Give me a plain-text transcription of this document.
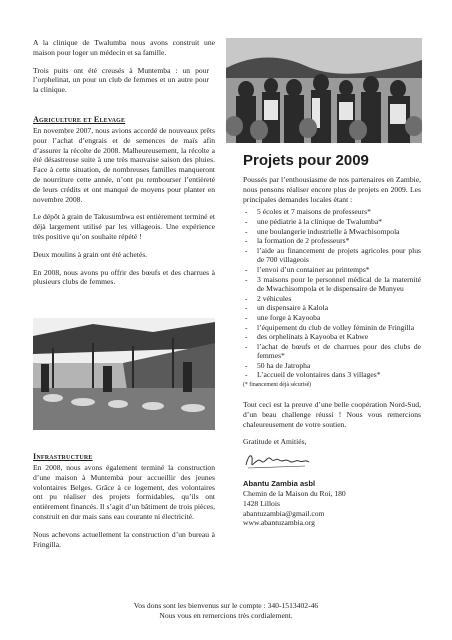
A la clinique de Twalumba nous avons construit une maison pour loger un médecin et sa famille.

Trois puits ont été creusés à Muntemba : un pour l’orphelinat, un pour un club de femmes et un autre pour la clinique.

Agriculture et Elevage

En novembre 2007, nous avions accordé de nouveaux prêts pour l’achat d’engrais et de semences de maïs afin d’assurer la récolte de 2008. Malheureusement, la récolte a été désastreuse suite à une très mauvaise saison des pluies. Face à cette situation, de nombreuses familles manqueront de nourriture cette année, n’ont pu rembourser l’entièreté de leurs crédits et ont manqué de moyens pour planter en novembre 2008.

Le dépôt à grain de Takusumbwa est entièrement terminé et déjà largement utilisé par les villageois. Une expérience très positive qu’on souhaite répété !

Deux moulins à grain ont été achetés.

En 2008, nous avons pu offrir des bœufs et des charrues à plusieurs clubs de femmes.

Infrastructure

En 2008, nous avons également terminé la construction d’une maison à Muntemba pour accueillir des jeunes volontaires Belges. Grâce à ce logement, des volontaires ont pu réaliser des projets formidables, qu’ils ont entièrement financés. Il s’agit d’un bâtiment de trois pièces, construit en dur mais sans eau courante ni électricité.

Nous achevons actuellement la construction d’un bureau à Fringilla.

Projets pour 2009

Poussés par l’enthousiasme de nos partenaires en Zambie, nous pensons réaliser encore plus de projets en 2009. Les principales demandes locales étant :

- 5 écoles et 7 maisons de professeurs*
- une pédiatrie à la clinique de Twalumba*
- une boulangerie industrielle à Mwachisompola
- la formation de 2 professeurs*
- l’aide au financement de projets agricoles pour plus de 700 villageois
- l’envoi d’un container au printemps*
- 3 maisons pour le personnel médical de la maternité de Mwachisompola et le dispensaire de Munyeu
- 2 véhicules
- un dispensaire à Kalola
- une forge à Kayooba
- l’équipement du club de volley féminin de Fringilla
- des orphelinats à Kayooba et Kabwe
- l’achat de bœufs et de charrues pour des clubs de femmes*
- 50 ha de Jatropha
- L’accueil de volontaires dans 3 villages*
(* financement déjà sécurisé)

Tout ceci est la preuve d’une belle coopération Nord-Sud, d’un beau challenge réussi ! Nous vous remercions chaleureusement de votre soutien.

Gratitude et Amitiés,

Abantu Zambia asbl
Chemin de la Maison du Roi, 180
1428 Lillois
abantuzambia@gmail.com
www.abantuzambia.org
Vos dons sont les bienvenus sur le compte : 340-1513402-46
Nous vous en remercions très cordialement.
